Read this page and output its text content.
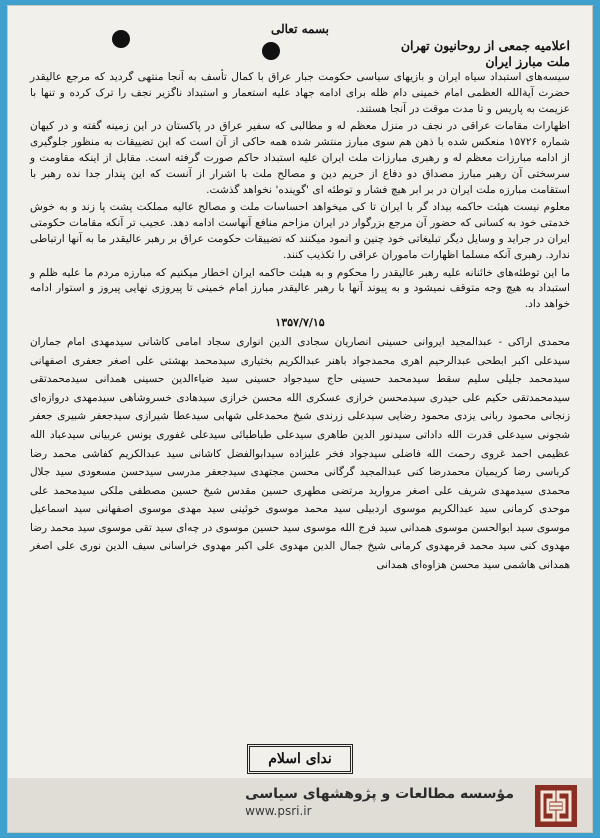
بسمه تعالی
اعلامیه جمعی از روحانیون تهران
ملت مبارز ایران

سیسه‌های استبداد سیاه ایران و بازیهای سیاسی حکومت جبار عراق با کمال تأسف به آنجا منتهی گردید که مرجع عالیقدر حضرت آیةالله العظمی امام خمینی دام ظله برای ادامه جهاد علیه استعمار و استبداد ناگزیر نجف را ترک کرده و تنها با عزیمت به پاریس و تا مدت موقت در آنجا هستند.

اظهارات مقامات عراقی در نجف در منزل معظم له و مطالبی که سفیر عراق در پاکستان در این زمینه گفته و در کیهان شماره ۱۵۷۲۶ منعکس شده با ذهن هم سوی مبارز منتشر شده همه حاکی از آن است که این تضییقات به منظور جلوگیری از ادامه مبارزات معظم له و رهبری مبارزات ملت ایران علیه استبداد حاکم صورت گرفته است. مقابل از اینکه مقاومت و سرسختی آن رهبر مبارز مصداق دو دفاع از حریم دین و مصالح ملت با اشرار از آنست که این پندار جدا نده رهبر با استقامت مبارزه ملت ایران در بر ابر هیچ فشار و توطئه ای 'گوینده' نخواهد گذشت.

معلوم نیست هیئت حاکمه بیداد گر با ایران تا کی میخواهد احساسات ملت و مصالح عالیه مملکت پشت پا زند و به خوش خدمتی خود به کسانی که حضور آن مرجع بزرگوار در ایران مزاحم منافع آنهاست ادامه دهد. عجیب تر آنکه مقامات حکومتی ایران در جراید و وسایل دیگر تبلیغاتی خود چنین و انمود میکنند که تضییقات حکومت عراق بر رهبر عالیقدر ما به آنها ارتباطی ندارد. رهبری آنکه مسلما اظهارات ماموران عراقی را تکذیب کنند.

ما این توطئه‌های خائنانه علیه رهبر عالیقدر را محکوم و به هیئت حاکمه ایران اخطار میکنیم که مبارزه مردم ما علیه ظلم و استبداد به هیچ وجه متوقف نمیشود و به پیوند آنها با رهبر عالیقدر مبارز امام خمینی تا پیروزی نهایی پیروز و استوار ادامه خواهد داد.

۱۳۵۷/۷/۱۵
محمدی اراکی - عبدالمجید ایروانی حسینی انصاریان سجادی الدین انواری سجاد امامی کاشانی سیدمهدی امام جماران سیدعلی اکبر ابطحی عبدالرحیم اهری محمدجواد باهنر عبدالکریم بختیاری سیدمحمد بهشتی علی اصغر جعفری اصفهانی سیدمحمد جلیلی سلیم سقط سیدمحمد حسینی حاج سیدجواد حسینی سید ضیاءالدین حسینی همدانی سیدمحمدتقی سیدمحمدتقی حکیم علی حیدری سیدمحسن خرازی عسکری الله محسن خرازی سیدهادی خسروشاهی سیدمهدی دروازه‌ای زنجانی محمود ربانی یزدی محمود رضایی سیدعلی زرندی شیخ محمدعلی شهابی سیدعطا شیرازی سیدجعفر شبیری جعفر شجونی سیدعلی قدرت الله داداتی سیدنور الدین طاهری سیدعلی طباطبائی سیدعلی غفوری یونس عربیانی سیدعباد الله عظیمی احمد غروی رحمت الله فاضلی سیدجواد فخر علیزاده سیدابوالفضل کاشانی سید عبدالکریم کفاشی محمد رضا کرباسی رضا کریمیان محمدرضا کنی عبدالمجید گرگانی محسن مجتهدی سیدجعفر مدرسی سیدحسن مسعودی سید جلال محمدی سیدمهدی شریف علی اصغر مروارید مرتضی مطهری حسین مقدس شیخ حسین مصطفی ملکی سیدمحمد علی موحدی کرمانی سید عبدالکریم موسوی اردبیلی سید محمد موسوی خوئینی سید مهدی موسوی اصفهانی سید اسماعیل موسوی سید ابوالحسن موسوی همدانی سید فرج الله موسوی سید حسین موسوی در چه‌ای سید تقی موسوی سید محمد رضا مهدوی کنی سید محمد قرمهدوی کرمانی شیخ جمال الدین مهدوی علی اکبر مهدوی خراسانی سیف الدین نوری علی اصغر همدانی هاشمی سید محسن هزاوه‌ای همدانی
ندای اسلام
مؤسسه مطالعات و پژوهشهای سیاسی
www.psri.ir
